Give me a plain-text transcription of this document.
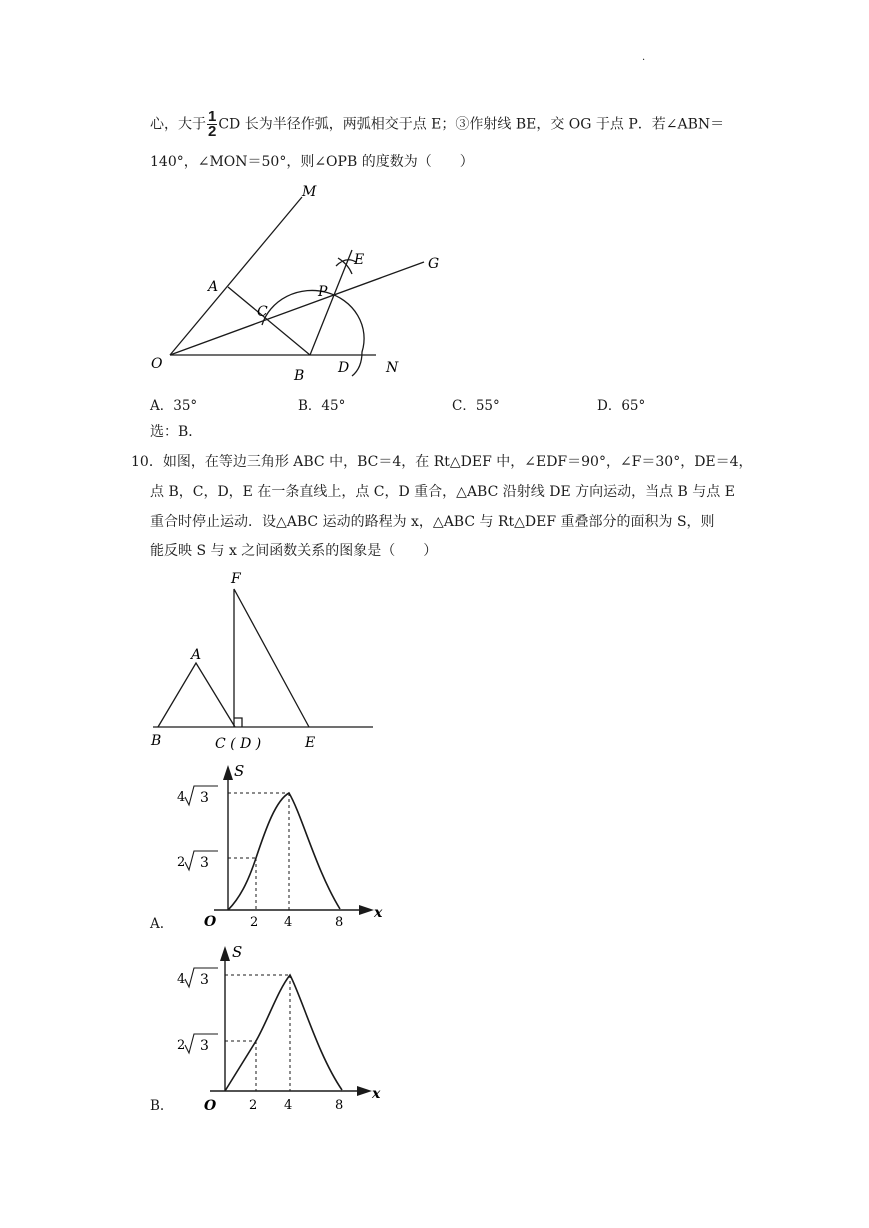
.
心，大于 $\frac{1}{2}$ CD 长为半径作弧，两弧相交于点 E；③作射线 BE，交 OG 于点 P．若∠ABN＝
140°，∠MON＝50°，则∠OPB 的度数为（　　）
M
E	G
A	P
C
O
B D	N
A．35°	B．45°	C．55°	D．65°
选：B．
10．如图，在等边三角形 ABC 中，BC＝4，在 Rt△DEF 中，∠EDF＝90°，∠F＝30°，DE＝4，
点 B，C，D，E 在一条直线上，点 C，D 重合，△ABC 沿射线 DE 方向运动，当点 B 与点 E
重合时停止运动．设△ABC 运动的路程为 x，△ABC 与 Rt△DEF 重叠部分的面积为 S，则
能反映 S 与 x 之间函数关系的图象是（　　）
F
A
B	C ( D )	E
A.
S
x
O
4 3
2 3
2 4	8
B.
S
x
O
4 3
2 3
2 4	8
